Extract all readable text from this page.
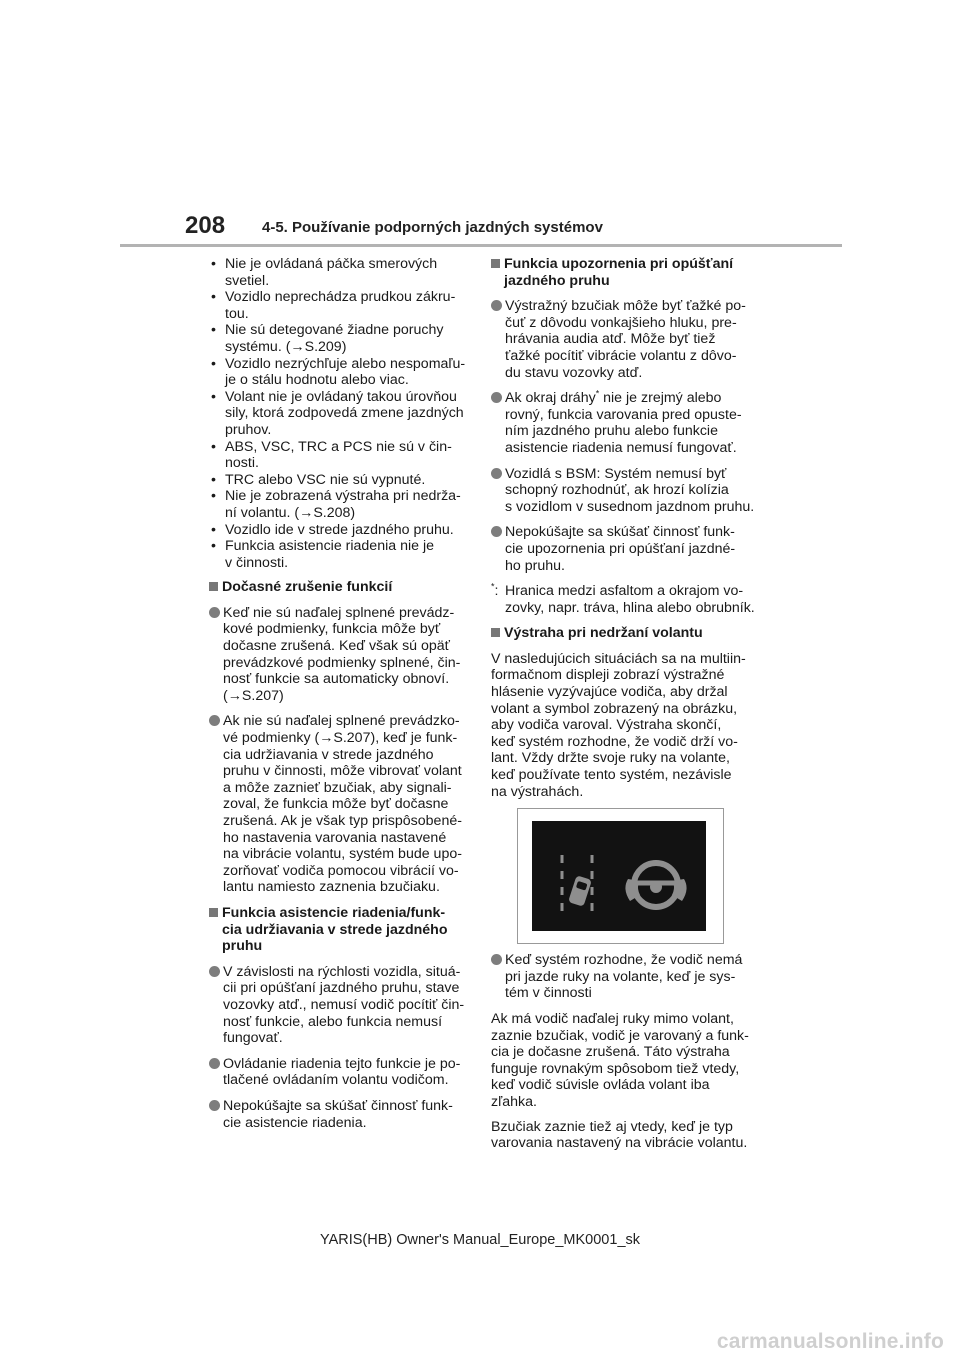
208 4-5. Používanie podporných jazdných systémov
• Nie je ovládaná páčka smerových

svetiel.

• Vozidlo neprechádza prudkou zákru-

tou.

• Nie sú detegované žiadne poruchy

systému. (→S.209)

• Vozidlo nezrýchľuje alebo nespomaľu-

je o stálu hodnotu alebo viac.

• Volant nie je ovládaný takou úrovňou

sily, ktorá zodpovedá zmene jazdných

pruhov.

• ABS, VSC, TRC a PCS nie sú v čin-

nosti.

• TRC alebo VSC nie sú vypnuté.

• Nie je zobrazená výstraha pri nedrža-

ní volantu. (→S.208)

• Vozidlo ide v strede jazdného pruhu.

• Funkcia asistencie riadenia nie je

v činnosti.

Dočasné zrušenie funkcií

Keď nie sú naďalej splnené prevádz-

kové podmienky, funkcia môže byť

dočasne zrušená. Keď však sú opäť

prevádzkové podmienky splnené, čin-

nosť funkcie sa automaticky obnoví.

(→S.207)

Ak nie sú naďalej splnené prevádzko-

vé podmienky (→S.207), keď je funk-

cia udržiavania v strede jazdného

pruhu v činnosti, môže vibrovať volant

a môže zaznieť bzučiak, aby signali-

zoval, že funkcia môže byť dočasne

zrušená. Ak je však typ prispôsobené-

ho nastavenia varovania nastavené

na vibrácie volantu, systém bude upo-

zorňovať vodiča pomocou vibrácií vo-

lantu namiesto zaznenia bzučiaku.

Funkcia asistencie riadenia/funk-

cia udržiavania v strede jazdného

pruhu

V závislosti na rýchlosti vozidla, situá-

cii pri opúšťaní jazdného pruhu, stave

vozovky atď., nemusí vodič pocítiť čin-

nosť funkcie, alebo funkcia nemusí

fungovať.

Ovládanie riadenia tejto funkcie je po-

tlačené ovládaním volantu vodičom.

Nepokúšajte sa skúšať činnosť funk-

cie asistencie riadenia.

Funkcia upozornenia pri opúšťaní

jazdného pruhu

Výstražný bzučiak môže byť ťažké po-

čuť z dôvodu vonkajšieho hluku, pre-

hrávania audia atď. Môže byť tiež

ťažké pocítiť vibrácie volantu z dôvo-

du stavu vozovky atď.

Ak okraj dráhy* nie je zrejmý alebo

rovný, funkcia varovania pred opuste-

ním jazdného pruhu alebo funkcie

asistencie riadenia nemusí fungovať.

Vozidlá s BSM: Systém nemusí byť

schopný rozhodnúť, ak hrozí kolízia

s vozidlom v susednom jazdnom pruhu.

Nepokúšajte sa skúšať činnosť funk-

cie upozornenia pri opúšťaní jazdné-

ho pruhu.

*: Hranica medzi asfaltom a okrajom vo-

zovky, napr. tráva, hlina alebo obrubník.

Výstraha pri nedržaní volantu

V nasledujúcich situáciách sa na multiin-

formačnom displeji zobrazí výstražné

hlásenie vyzývajúce vodiča, aby držal

volant a symbol zobrazený na obrázku,

aby vodiča varoval. Výstraha skončí,

keď systém rozhodne, že vodič drží vo-

lant. Vždy držte svoje ruky na volante,

keď používate tento systém, nezávisle

na výstrahách.

Keď systém rozhodne, že vodič nemá

pri jazde ruky na volante, keď je sys-

tém v činnosti

Ak má vodič naďalej ruky mimo volant,

zaznie bzučiak, vodič je varovaný a funk-

cia je dočasne zrušená. Táto výstraha

funguje rovnakým spôsobom tiež vtedy,

keď vodič súvisle ovláda volant iba

zľahka.

Bzučiak zaznie tiež aj vtedy, keď je typ

varovania nastavený na vibrácie volantu.

YARIS(HB) Owner's Manual_Europe_MK0001_sk
carmanualsonline.info
